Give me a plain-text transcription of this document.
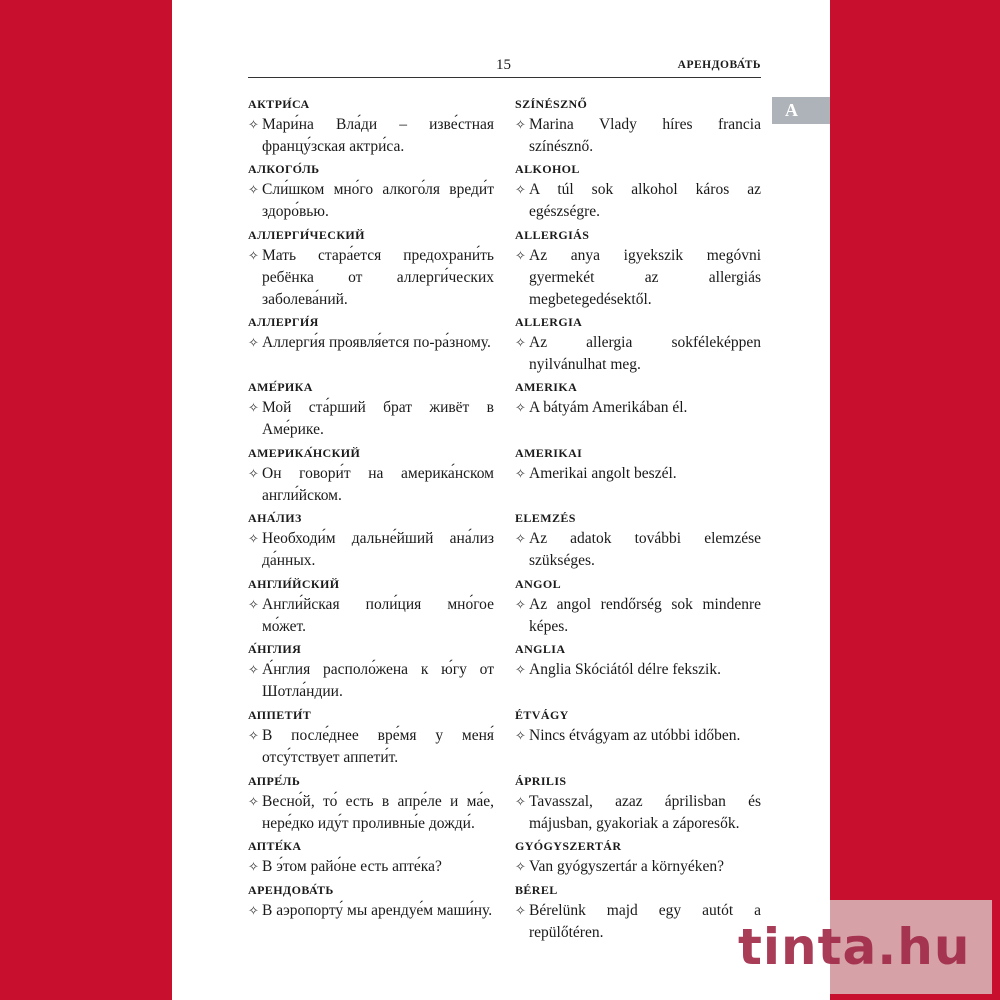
15	АРЕНДОВА́ТЬ
АКТРИ́СА
✧ Мари́на Вла́ди – изве́стная францу́зская актри́са.
SZÍNÉSZNŐ
✧ Marina Vlady híres francia színésznő.
АЛКОГО́ЛЬ
✧ Сли́шком мно́го алкого́ля вреди́т здоро́вью.
ALKOHOL
✧ A túl sok alkohol káros az egészségre.
АЛЛЕРГИ́ЧЕСКИЙ
✧ Мать стара́ется предохрани́ть ребёнка от аллерги́ческих заболева́ний.
ALLERGIÁS
✧ Az anya igyekszik megóvni gyermekét az allergiás megbetegedésektől.
АЛЛЕРГИ́Я
✧ Аллерги́я проявля́ется по-ра́зному.
ALLERGIA
✧ Az allergia sokféleképpen nyilvánulhat meg.
АМЕ́РИКА
✧ Мой ста́рший брат живёт в Аме́рике.
AMERIKA
✧ A bátyám Amerikában él.
АМЕРИКА́НСКИЙ
✧ Он говори́т на америка́нском англи́йском.
AMERIKAI
✧ Amerikai angolt beszél.
АНА́ЛИЗ
✧ Необходи́м дальне́йший ана́лиз да́нных.
ELEMZÉS
✧ Az adatok további elemzése szükséges.
АНГЛИ́ЙСКИЙ
✧ Англи́йская поли́ция мно́гое мо́жет.
ANGOL
✧ Az angol rendőrség sok mindenre képes.
А́НГЛИЯ
✧ А́нглия располо́жена к ю́гу от Шотла́ндии.
ANGLIA
✧ Anglia Skóciától délre fekszik.
АППЕТИ́Т
✧ В после́днее вре́мя у меня́ отсу́тствует аппети́т.
ÉTVÁGY
✧ Nincs étvágyam az utóbbi időben.
АПРЕ́ЛЬ
✧ Весно́й, то́ есть в апре́ле и ма́е, нере́дко иду́т проливны́е дожди́.
ÁPRILIS
✧ Tavasszal, azaz áprilisban és májusban, gyakoriak a záporesők.
АПТЕ́КА
✧ В э́том райо́не есть апте́ка?
GYÓGYSZERTÁR
✧ Van gyógyszertár a környéken?
АРЕНДОВА́ТЬ
✧ В аэропорту́ мы арендуе́м маши́ну.
BÉREL
✧ Bérelünk majd egy autót a repülőtéren.
A
tinta.hu
